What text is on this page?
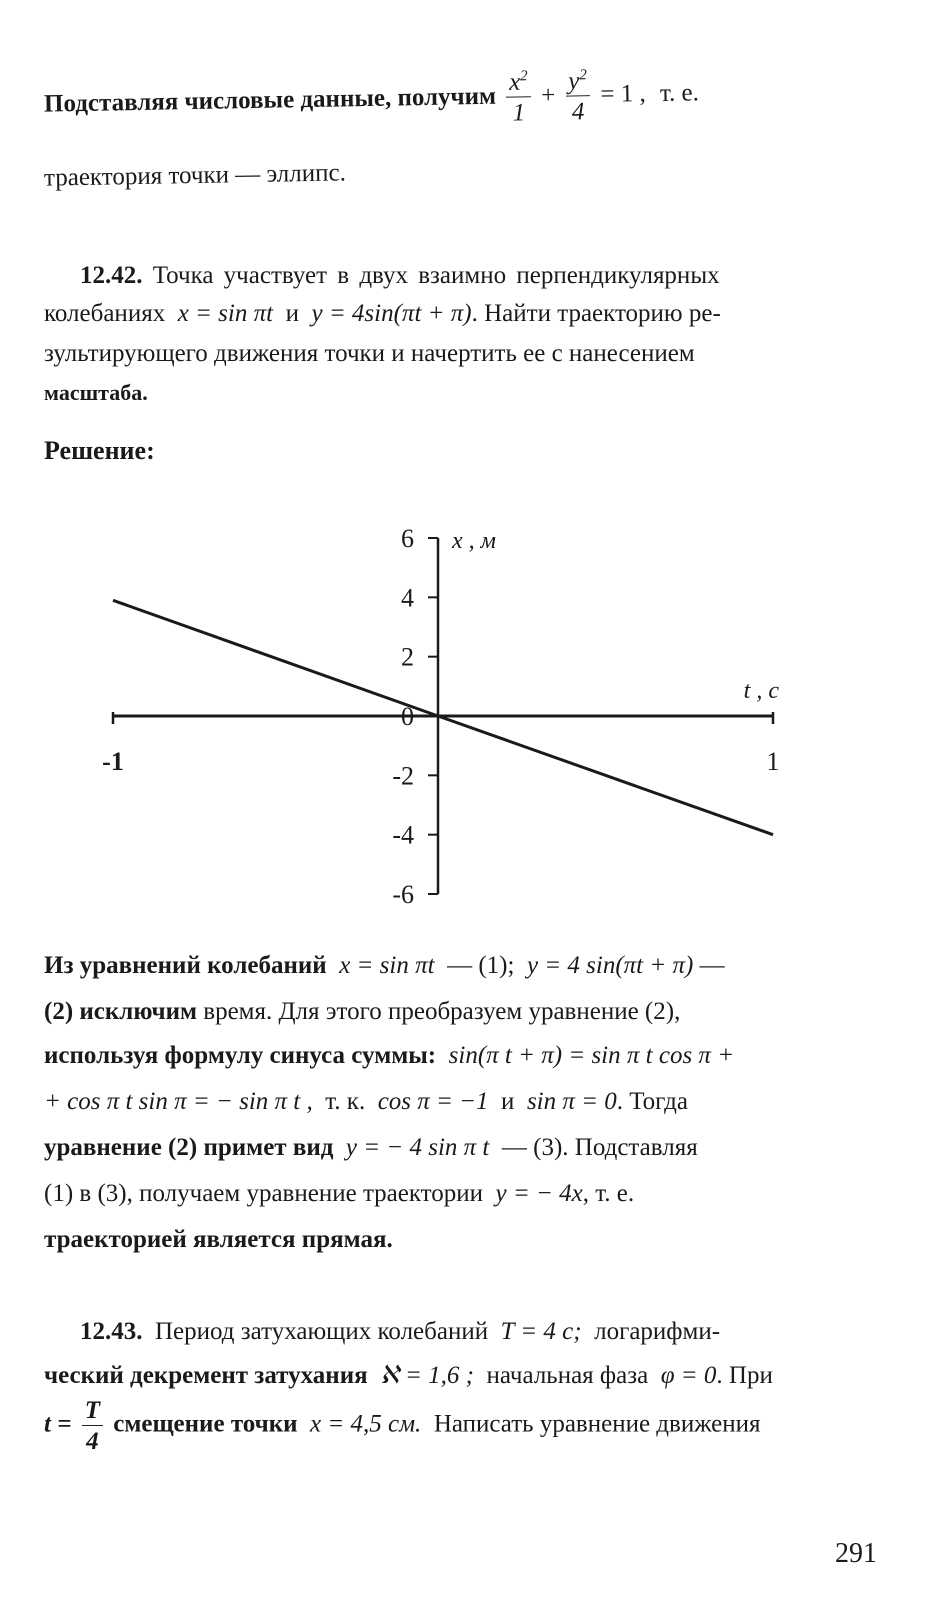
Подставляя числовые данные, получим $\frac{x^2}{1} + \frac{y^2}{4} = 1$ , т. е.
траектория точки — эллипс.
12.42. Точка участвует в двух взаимно перпендикулярных
колебаниях x = sin πt и y = 4sin(πt + π). Найти траекторию ре-
зультирующего движения точки и начертить ее с нанесением
масштаба.
Решение:
-1	1
6
4
2
0
-2
-4
-6
x , м
t , с
Из уравнений колебаний x = sin πt — (1); y = 4 sin(πt + π) —
(2) исключим время. Для этого преобразуем уравнение (2),
используя формулу синуса суммы: sin(π t + π) = sin π t cos π +
+ cos π t sin π = − sin π t , т. к. cos π = −1 и sin π = 0. Тогда
уравнение (2) примет вид y = − 4 sin π t — (3). Подставляя
(1) в (3), получаем уравнение траектории y = − 4x, т. е.
траекторией является прямая.
12.43. Период затухающих колебаний T = 4 с; логарифми-
ческий декремент затухания ℵ = 1,6 ; начальная фаза φ = 0. При
$t = \frac{T}{4}$ смещение точки x = 4,5 см. Написать уравнение движения
291
